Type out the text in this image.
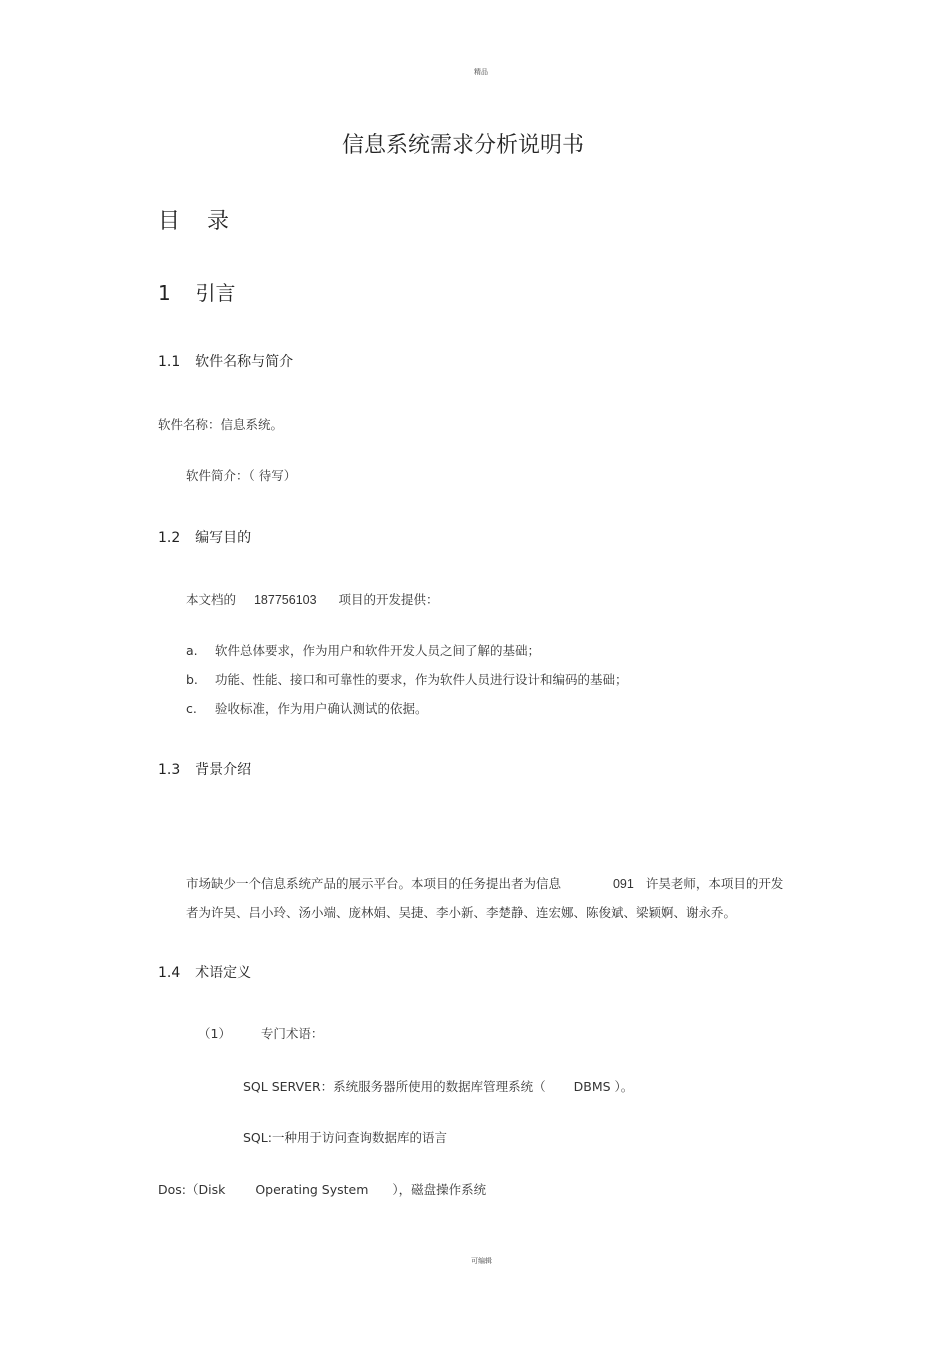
精品
信息系统需求分析说明书
目 录
1 引言
1.1 软件名称与简介
软件名称：信息系统。
软件简介：（ 待写）
1.2 编写目的
本文档的 187756103 项目的开发提供：
a. 软件总体要求，作为用户和软件开发人员之间了解的基础；
b. 功能、性能、接口和可靠性的要求，作为软件人员进行设计和编码的基础；
c. 验收标准，作为用户确认测试的依据。
1.3 背景介绍
市场缺少一个信息系统产品的展示平台。本项目的任务提出者为信息	091 许昊老师，本项目的开发
者为许昊、吕小玲、汤小端、庞林娟、吴捷、李小新、李楚静、连宏娜、陈俊斌、梁颖婀、谢永乔。
1.4 术语定义
（1） 专门术语：
SQL SERVER：系统服务器所使用的数据库管理系统（ DBMS ）。
SQL:一种用于访问查询数据库的语言
Dos:（Disk Operating System ），磁盘操作系统
可编辑
